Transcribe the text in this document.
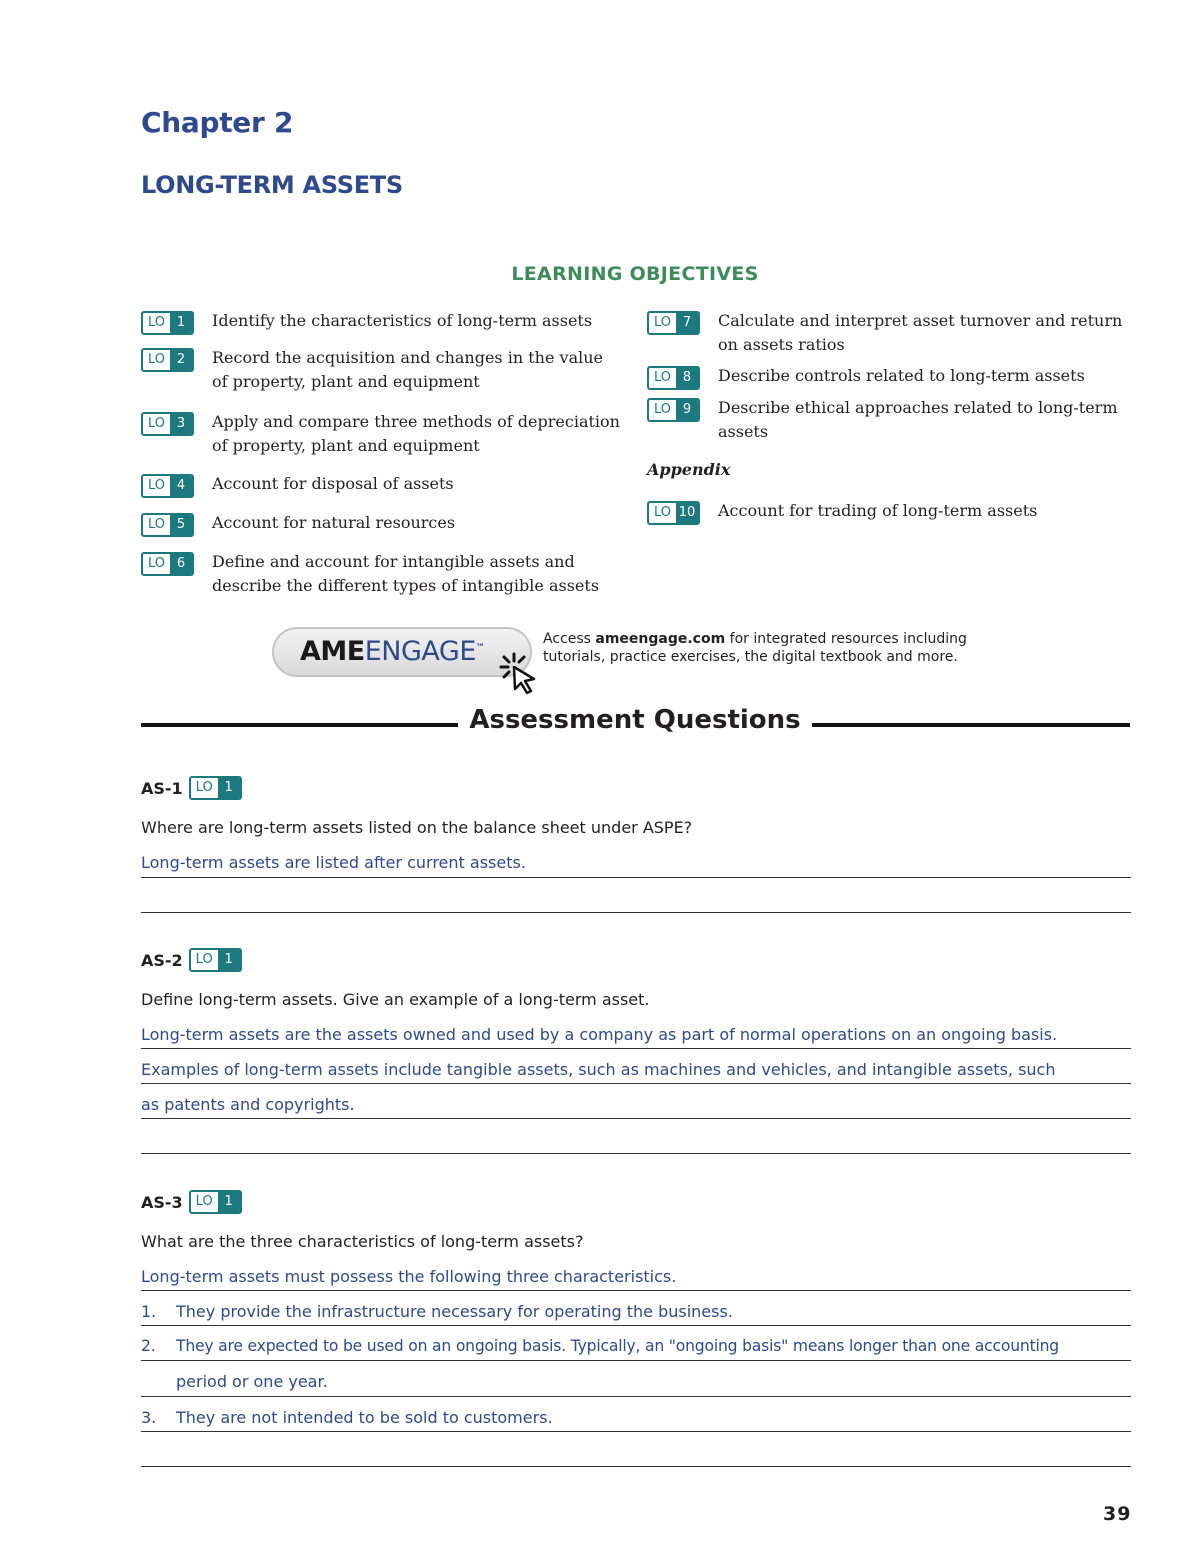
Chapter 2
LONG-TERM ASSETS
LEARNING OBJECTIVES
LO 1	Identify the characteristics of long-term assets
LO 2	Record the acquisition and changes in the value of property, plant and equipment
LO 3	Apply and compare three methods of depreciation of property, plant and equipment
LO 4	Account for disposal of assets
LO 5	Account for natural resources
LO 6	Define and account for intangible assets and describe the different types of intangible assets
LO 7	Calculate and interpret asset turnover and return on assets ratios
LO 8	Describe controls related to long-term assets
LO 9	Describe ethical approaches related to long-term assets
Appendix
LO 10 Account for trading of long-term assets
AMEENGAGE™
Access ameengage.com for integrated resources including tutorials, practice exercises, the digital textbook and more.
Assessment Questions
AS-1 LO 1
Where are long-term assets listed on the balance sheet under ASPE?
Long-term assets are listed after current assets.
AS-2 LO 1
Define long-term assets. Give an example of a long-term asset.
Long-term assets are the assets owned and used by a company as part of normal operations on an ongoing basis.
Examples of long-term assets include tangible assets, such as machines and vehicles, and intangible assets, such
as patents and copyrights.
AS-3 LO 1
What are the three characteristics of long-term assets?
Long-term assets must possess the following three characteristics.
1. They provide the infrastructure necessary for operating the business.
2. They are expected to be used on an ongoing basis. Typically, an "ongoing basis" means longer than one accounting
period or one year.
3. They are not intended to be sold to customers.
39
